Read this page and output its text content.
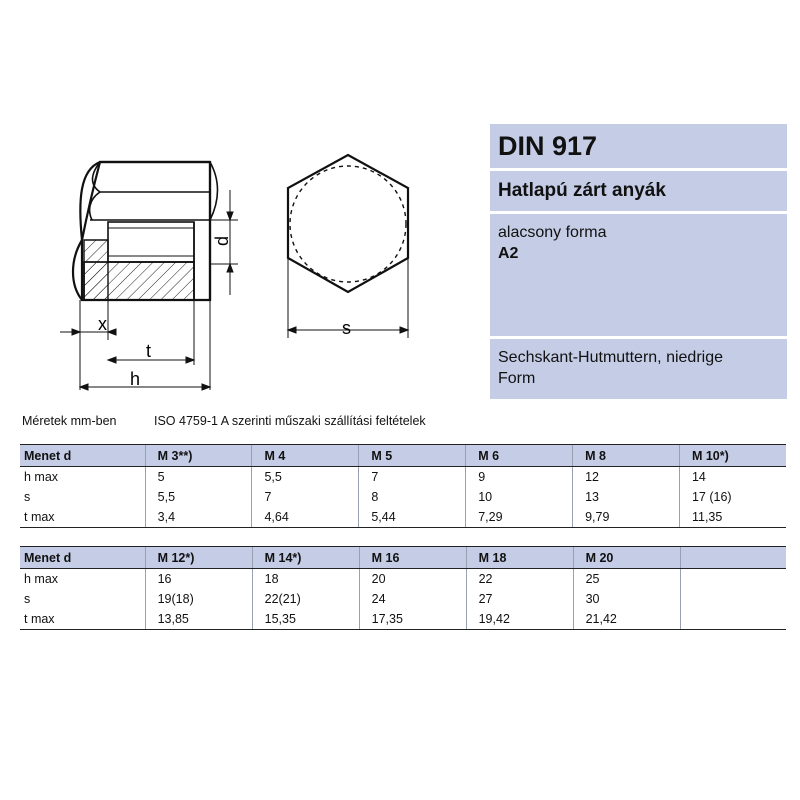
d
x
t
h
s
DIN 917
Hatlapú zárt anyák
alacsony forma
A2
Sechskant-Hutmuttern, niedrige
Form
Méretek mm-ben	ISO 4759-1 A szerinti műszaki szállítási feltételek
Menet d	M 3**)	M 4	M 5	M 6	M 8	M 10*)
h max	5	5,5	7	9	12	14
s	5,5	7	8	10	13	17 (16)
t max	3,4	4,64	5,44	7,29	9,79	11,35
Menet d	M 12*)	M 14*)	M 16	M 18	M 20	
h max	16	18	20	22	25	
s	19(18)	22(21)	24	27	30	
t max	13,85	15,35	17,35	19,42	21,42	
